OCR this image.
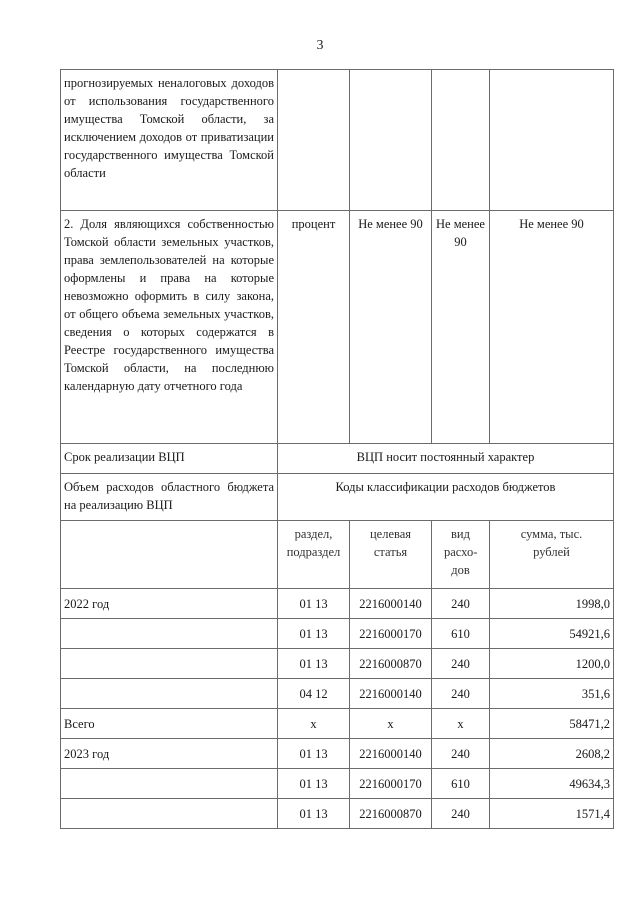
3
прогнозируемых неналоговых доходов от использования государственного имущества Томской области, за исключением доходов от приватизации государственного имущества Томской области				
2. Доля являющихся собственностью Томской области земельных участков, права землепользователей на которые оформлены и права на которые невозможно оформить в силу закона, от общего объема земельных участков, сведения о которых содержатся в Реестре государственного имущества Томской области, на последнюю календарную дату отчетного года	процент	Не менее 90	Не менее 90	Не менее 90
Срок реализации ВЦП	ВЦП носит постоянный характер			
Объем расходов областного бюджета на реализацию ВЦП	Коды классификации расходов бюджетов			
	раздел, подраздел	целевая статья	вид расхо-дов	сумма, тыс. рублей
2022 год	01 13	2216000140	240	1998,0
	01 13	2216000170	610	54921,6
	01 13	2216000870	240	1200,0
	04 12	2216000140	240	351,6
Всего	х	х	х	58471,2
2023 год	01 13	2216000140	240	2608,2
	01 13	2216000170	610	49634,3
	01 13	2216000870	240	1571,4
